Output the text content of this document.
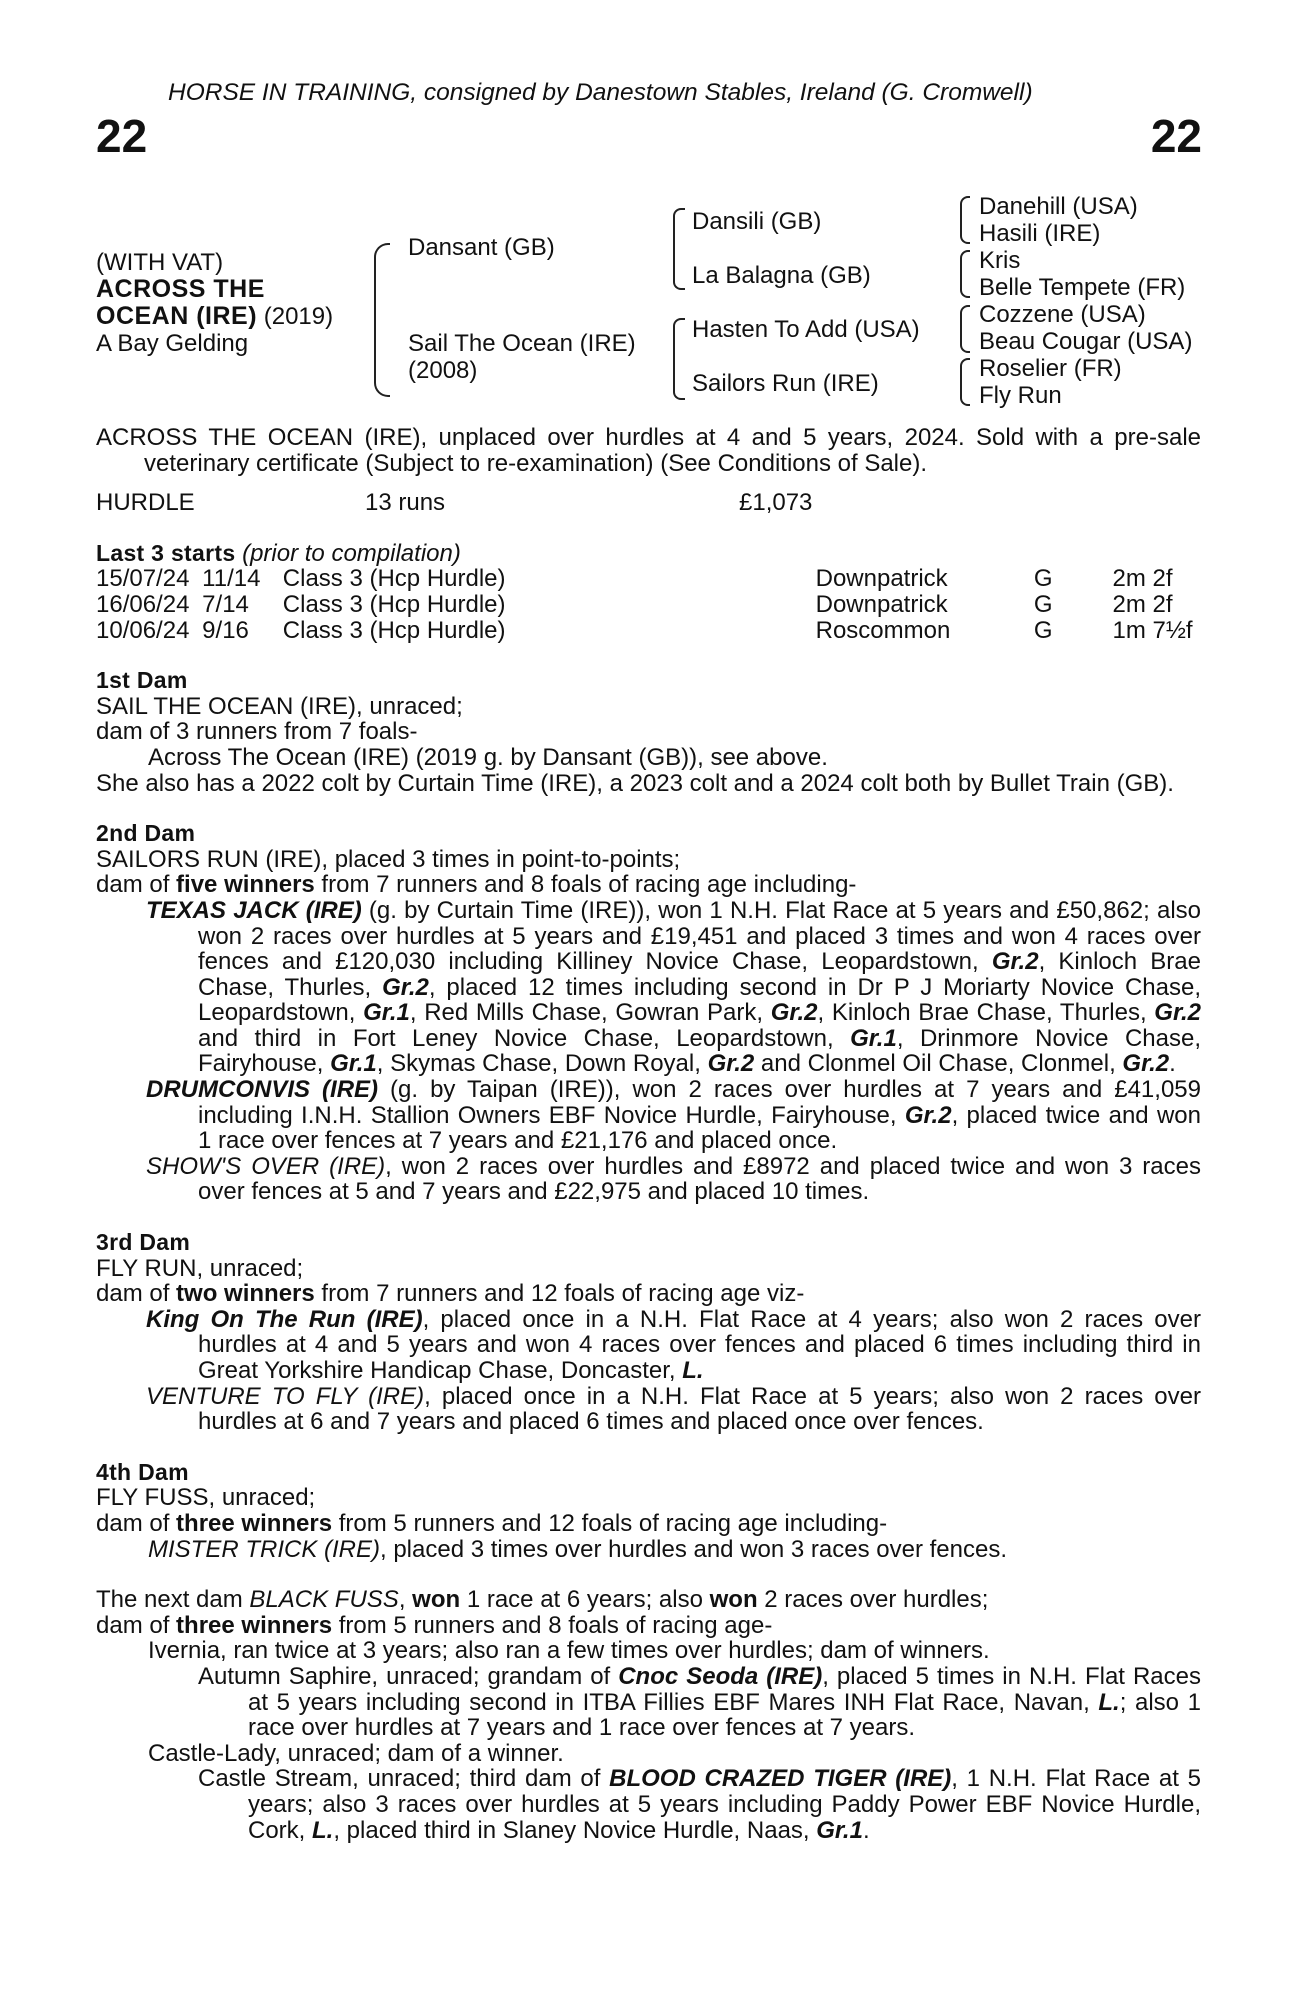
HORSE IN TRAINING, consigned by Danestown Stables, Ireland (G. Cromwell)
22	22
(WITH VAT)
ACROSS THE
OCEAN (IRE) (2019)
A Bay Gelding
Dansant (GB)
Sail The Ocean (IRE)
(2008)
Dansili (GB)
La Balagna (GB)
Hasten To Add (USA)
Sailors Run (IRE)
Danehill (USA)
Hasili (IRE)
Kris
Belle Tempete (FR)
Cozzene (USA)
Beau Cougar (USA)
Roselier (FR)
Fly Run

ACROSS THE OCEAN (IRE), unplaced over hurdles at 4 and 5 years, 2024. Sold with a pre-sale veterinary certificate (Subject to re-examination) (See Conditions of Sale).

HURDLE	13 runs	£1,073
Last 3 starts (prior to compilation)
15/07/24 11/14 Class 3 (Hcp Hurdle)	Downpatrick	G	2m 2f
16/06/24 7/14	Class 3 (Hcp Hurdle)	Downpatrick	G	2m 2f
10/06/24 9/16	Class 3 (Hcp Hurdle)	Roscommon	G	1m 7½f
1st Dam
SAIL THE OCEAN (IRE), unraced;
dam of 3 runners from 7 foals-
Across The Ocean (IRE) (2019 g. by Dansant (GB)), see above.

She also has a 2022 colt by Curtain Time (IRE), a 2023 colt and a 2024 colt both by Bullet Train (GB).

2nd Dam
SAILORS RUN (IRE), placed 3 times in point-to-points;
dam of five winners from 7 runners and 8 foals of racing age including-

TEXAS JACK (IRE) (g. by Curtain Time (IRE)), won 1 N.H. Flat Race at 5 years and £50,862; also won 2 races over hurdles at 5 years and £19,451 and placed 3 times and won 4 races over fences and £120,030 including Killiney Novice Chase, Leopardstown, Gr.2, Kinloch Brae Chase, Thurles, Gr.2, placed 12 times including second in Dr P J Moriarty Novice Chase, Leopardstown, Gr.1, Red Mills Chase, Gowran Park, Gr.2, Kinloch Brae Chase, Thurles, Gr.2 and third in Fort Leney Novice Chase, Leopardstown, Gr.1, Drinmore Novice Chase, Fairyhouse, Gr.1, Skymas Chase, Down Royal, Gr.2 and Clonmel Oil Chase, Clonmel, Gr.2.

DRUMCONVIS (IRE) (g. by Taipan (IRE)), won 2 races over hurdles at 7 years and £41,059 including I.N.H. Stallion Owners EBF Novice Hurdle, Fairyhouse, Gr.2, placed twice and won 1 race over fences at 7 years and £21,176 and placed once.

SHOW'S OVER (IRE), won 2 races over hurdles and £8972 and placed twice and won 3 races over fences at 5 and 7 years and £22,975 and placed 10 times.

3rd Dam
FLY RUN, unraced;
dam of two winners from 7 runners and 12 foals of racing age viz-

King On The Run (IRE), placed once in a N.H. Flat Race at 4 years; also won 2 races over hurdles at 4 and 5 years and won 4 races over fences and placed 6 times including third in Great Yorkshire Handicap Chase, Doncaster, L.

VENTURE TO FLY (IRE), placed once in a N.H. Flat Race at 5 years; also won 2 races over hurdles at 6 and 7 years and placed 6 times and placed once over fences.

4th Dam
FLY FUSS, unraced;
dam of three winners from 5 runners and 12 foals of racing age including-
MISTER TRICK (IRE), placed 3 times over hurdles and won 3 races over fences.
The next dam BLACK FUSS, won 1 race at 6 years; also won 2 races over hurdles;
dam of three winners from 5 runners and 8 foals of racing age-
Ivernia, ran twice at 3 years; also ran a few times over hurdles; dam of winners.

Autumn Saphire, unraced; grandam of Cnoc Seoda (IRE), placed 5 times in N.H. Flat Races at 5 years including second in ITBA Fillies EBF Mares INH Flat Race, Navan, L.; also 1 race over hurdles at 7 years and 1 race over fences at 7 years.

Castle-Lady, unraced; dam of a winner.

Castle Stream, unraced; third dam of BLOOD CRAZED TIGER (IRE), 1 N.H. Flat Race at 5 years; also 3 races over hurdles at 5 years including Paddy Power EBF Novice Hurdle, Cork, L., placed third in Slaney Novice Hurdle, Naas, Gr.1.
